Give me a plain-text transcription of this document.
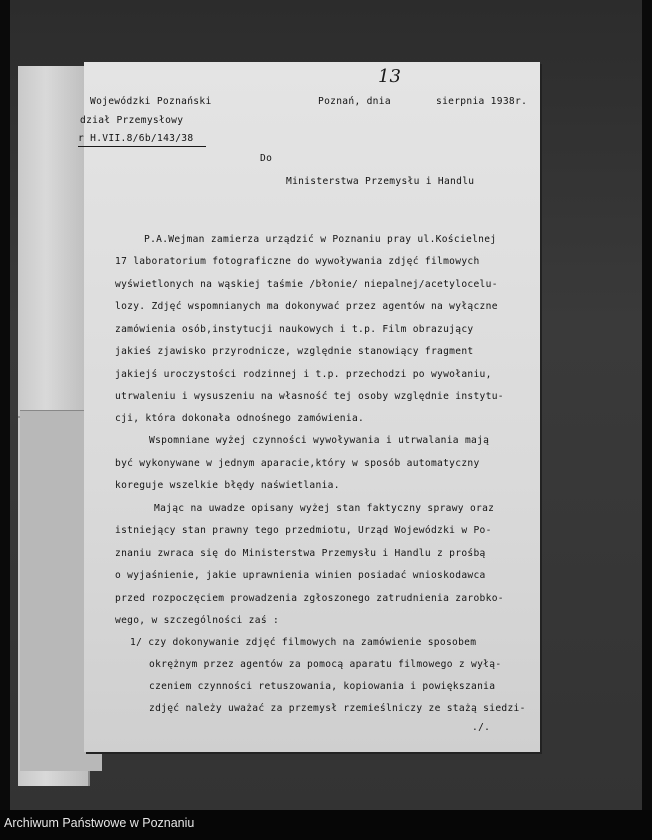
Wojewódzki Poznański
dział Przemysłowy
r H.VII.8/6b/143/38
Poznań, dnia	sierpnia 1938r.
Do
Ministerstwa Przemysłu i Handlu
P.A.Wejman zamierza urządzić w Poznaniu pray ul.Kościelnej
17 laboratorium fotograficzne do wywoływania zdjęć filmowych
wyświetlonych na wąskiej taśmie /błonie/ niepalnej/acetylocelu-
lozy. Zdjęć wspomnianych ma dokonywać przez agentów na wyłączne
zamówienia osób,instytucji naukowych i t.p. Film obrazujący
jakieś zjawisko przyrodnicze, względnie stanowiący fragment
jakiejś uroczystości rodzinnej i t.p. przechodzi po wywołaniu,
utrwaleniu i wysuszeniu na własność tej osoby względnie instytu-
cji, która dokonała odnośnego zamówienia.
Wspomniane wyżej czynności wywoływania i utrwalania mają
być wykonywane w jednym aparacie,który w sposób automatyczny
koreguje wszelkie błędy naświetlania.
Mając na uwadze opisany wyżej stan faktyczny sprawy oraz
istniejący stan prawny tego przedmiotu, Urząd Wojewódzki w Po-
znaniu zwraca się do Ministerstwa Przemysłu i Handlu z prośbą
o wyjaśnienie, jakie uprawnienia winien posiadać wnioskodawca
przed rozpoczęciem prowadzenia zgłoszonego zatrudnienia zarobko-
wego, w szczególności zaś :
1/ czy dokonywanie zdjęć filmowych na zamówienie sposobem
okrężnym przez agentów za pomocą aparatu filmowego z wyłą-
czeniem czynności retuszowania, kopiowania i powiększania
zdjęć należy uważać za przemysł rzemieślniczy ze stażą siedzi-
./.
13
Archiwum Państwowe w Poznaniu
